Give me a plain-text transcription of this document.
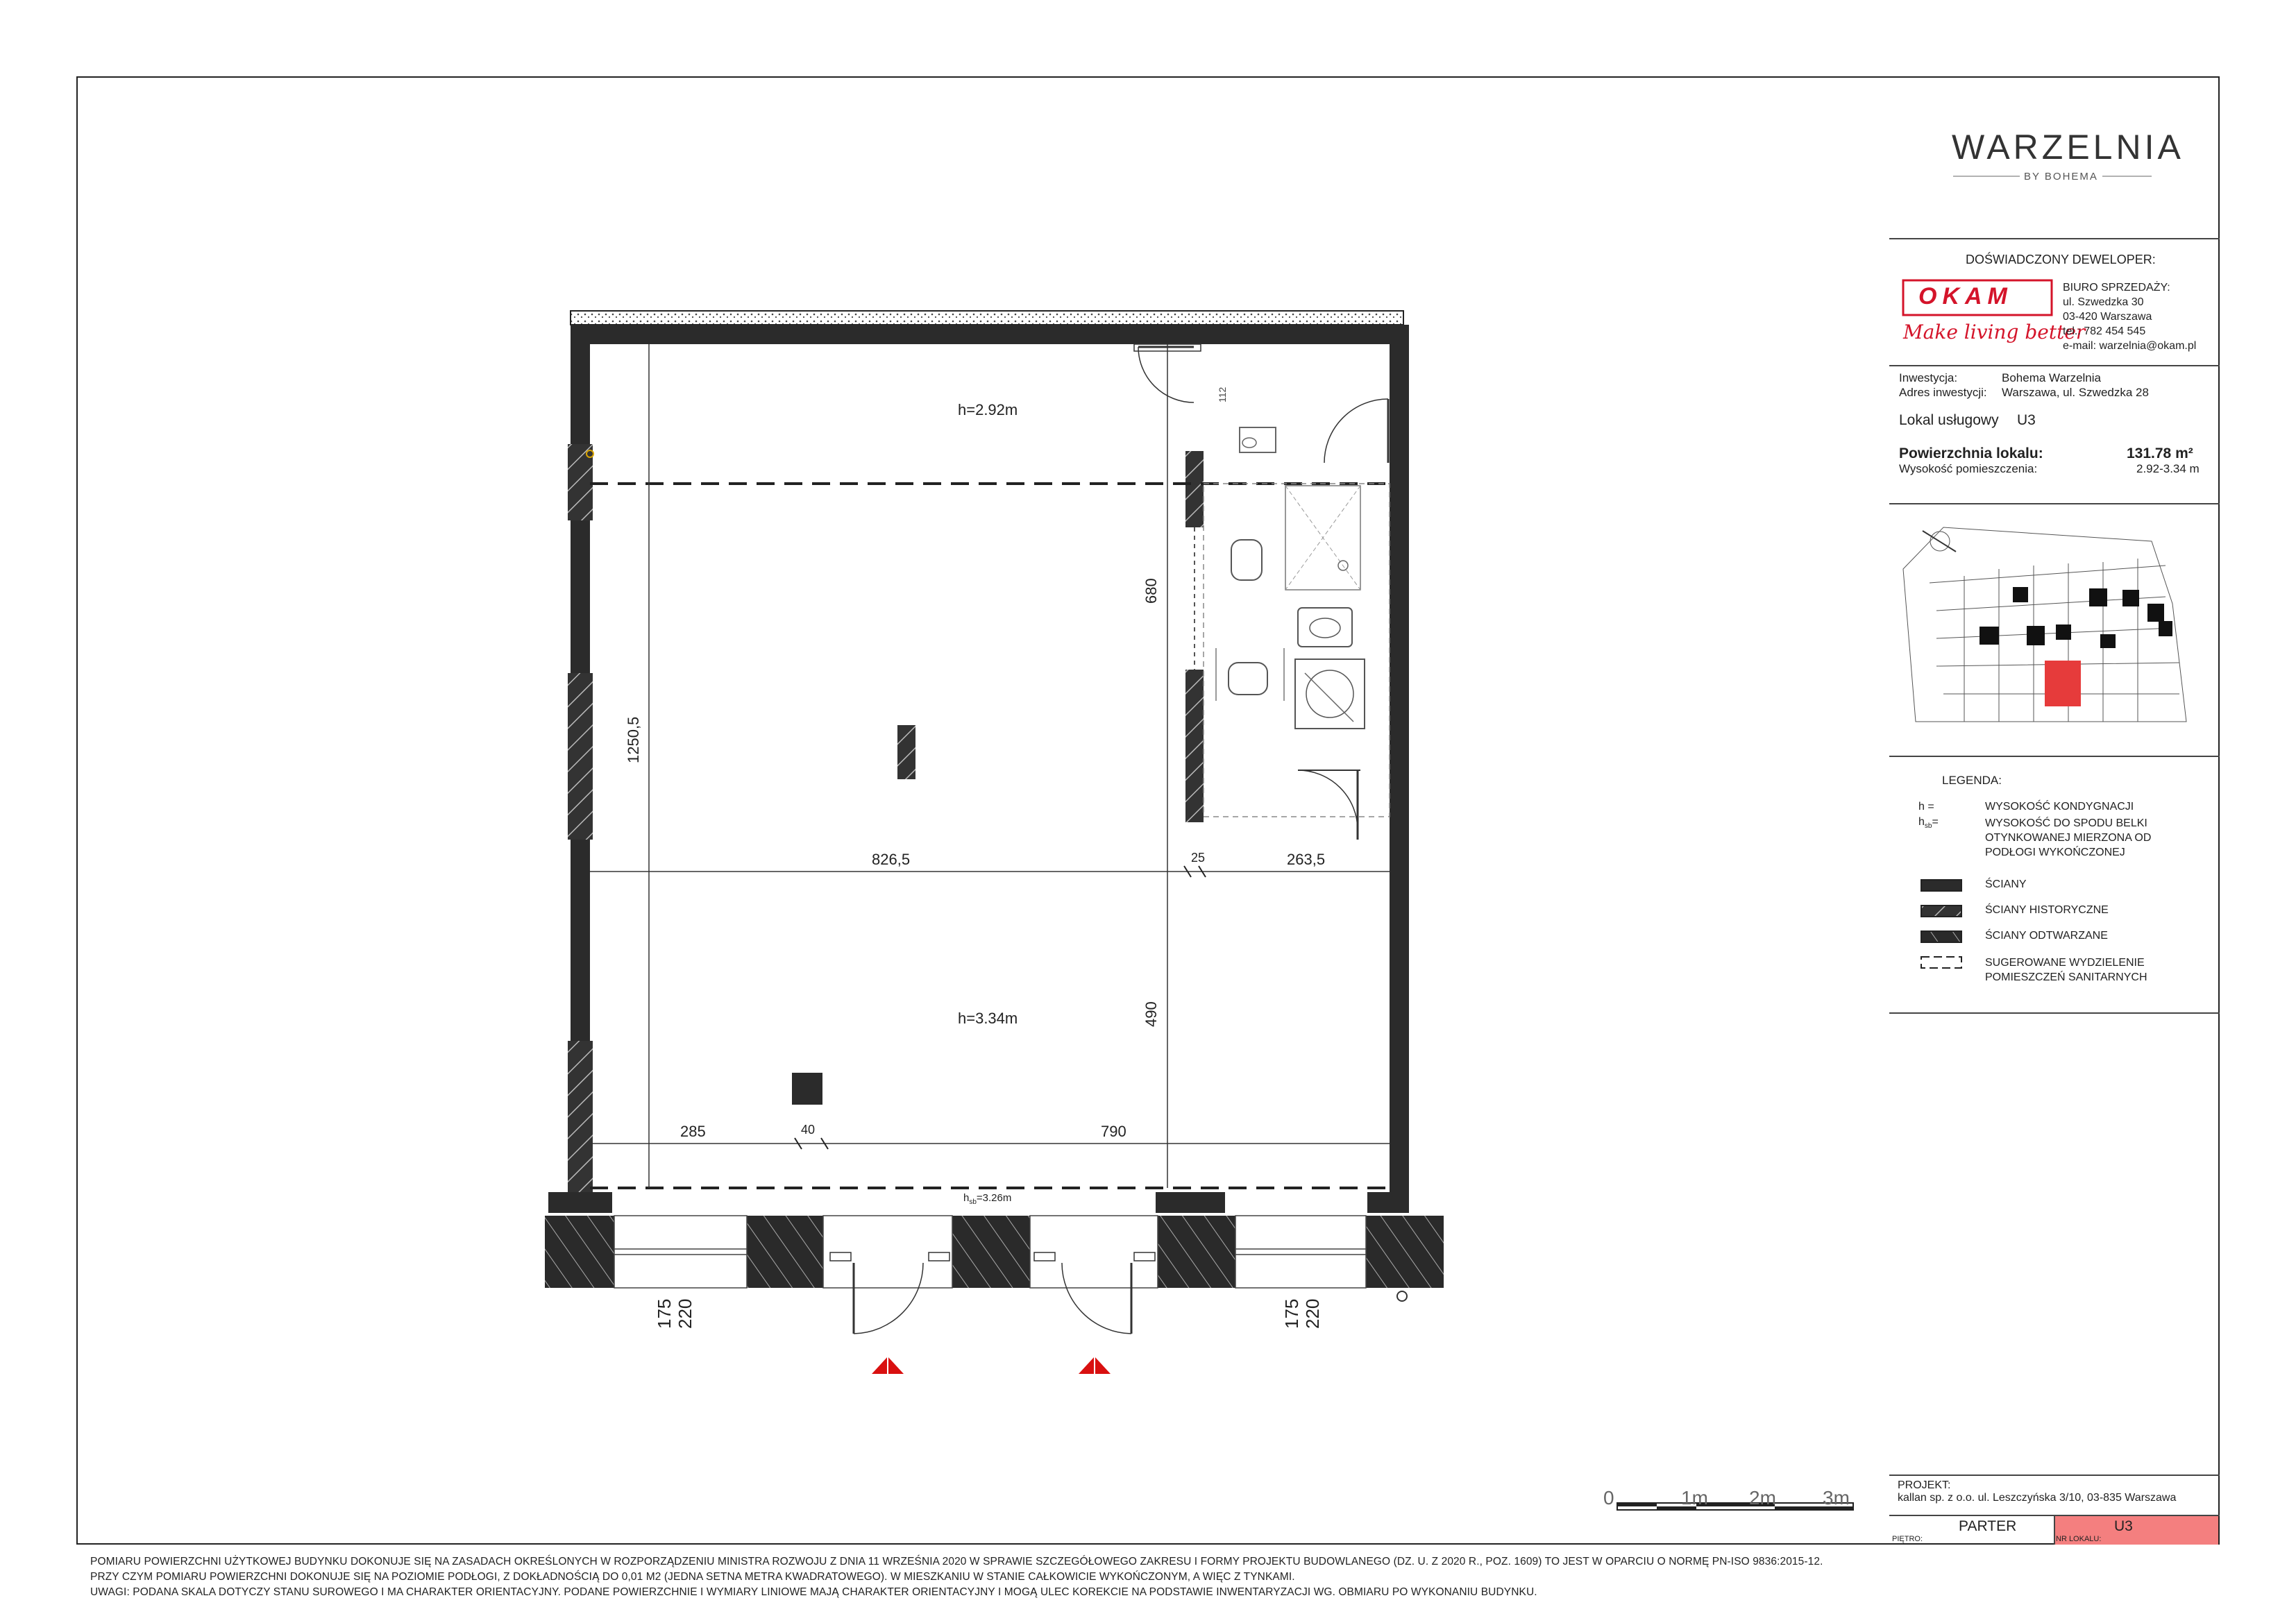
h=2.92m
h=3.34m
$h_{sb}=3.26m$
1250,5
680
490
112
826,5	25	263,5
285	40	790
175 220	175 220
0	1m 2m 3m
WARZELNIA
BY BOHEMA
DOŚWIADCZONY DEWELOPER:
OKAM
Make living better
BIURO SPRZEDAŻY:
ul. Szwedzka 30
03-420 Warszawa
tel.: 782 454 545
e-mail: warzelnia@okam.pl
Inwestycja:	Bohema Warzelnia
Adres inwestycji: Warszawa, ul. Szwedzka 28
Lokal usługowy U3
Powierzchnia lokalu:	131.78 m²
Wysokość pomieszczenia:	2.92-3.34 m
LEGENDA:
h =	WYSOKOŚĆ KONDYGNACJI
$h_{sb}=$	WYSOKOŚĆ DO SPODU BELKI
OTYNKOWANEJ MIERZONA OD
PODŁOGI WYKOŃCZONEJ
ŚCIANY
ŚCIANY HISTORYCZNE
ŚCIANY ODTWARZANE
SUGEROWANE WYDZIELENIE
POMIESZCZEŃ SANITARNYCH
PROJEKT:
kallan sp. z o.o. ul. Leszczyńska 3/10, 03-835 Warszawa
PIĘTRO:
PARTER
NR LOKALU:
U3
POMIARU POWIERZCHNI UŻYTKOWEJ BUDYNKU DOKONUJE SIĘ NA ZASADACH OKREŚLONYCH W ROZPORZĄDZENIU MINISTRA ROZWOJU Z DNIA 11 WRZEŚNIA 2020 W SPRAWIE SZCZEGÓŁOWEGO ZAKRESU I FORMY PROJEKTU BUDOWLANEGO (DZ. U. Z 2020 R., POZ. 1609) TO JEST W OPARCIU O NORMĘ PN-ISO 9836:2015-12.
PRZY CZYM POMIARU POWIERZCHNI DOKONUJE SIĘ NA POZIOMIE PODŁOGI, Z DOKŁADNOŚCIĄ DO 0,01 M2 (JEDNA SETNA METRA KWADRATOWEGO). W MIESZKANIU W STANIE CAŁKOWICIE WYKOŃCZONYM, A WIĘC Z TYNKAMI.
UWAGI: PODANA SKALA DOTYCZY STANU SUROWEGO I MA CHARAKTER ORIENTACYJNY. PODANE POWIERZCHNIE I WYMIARY LINIOWE MAJĄ CHARAKTER ORIENTACYJNY I MOGĄ ULEC KOREKCIE NA PODSTAWIE INWENTARYZACJI WG. OBMIARU PO WYKONANIU BUDYNKU.
